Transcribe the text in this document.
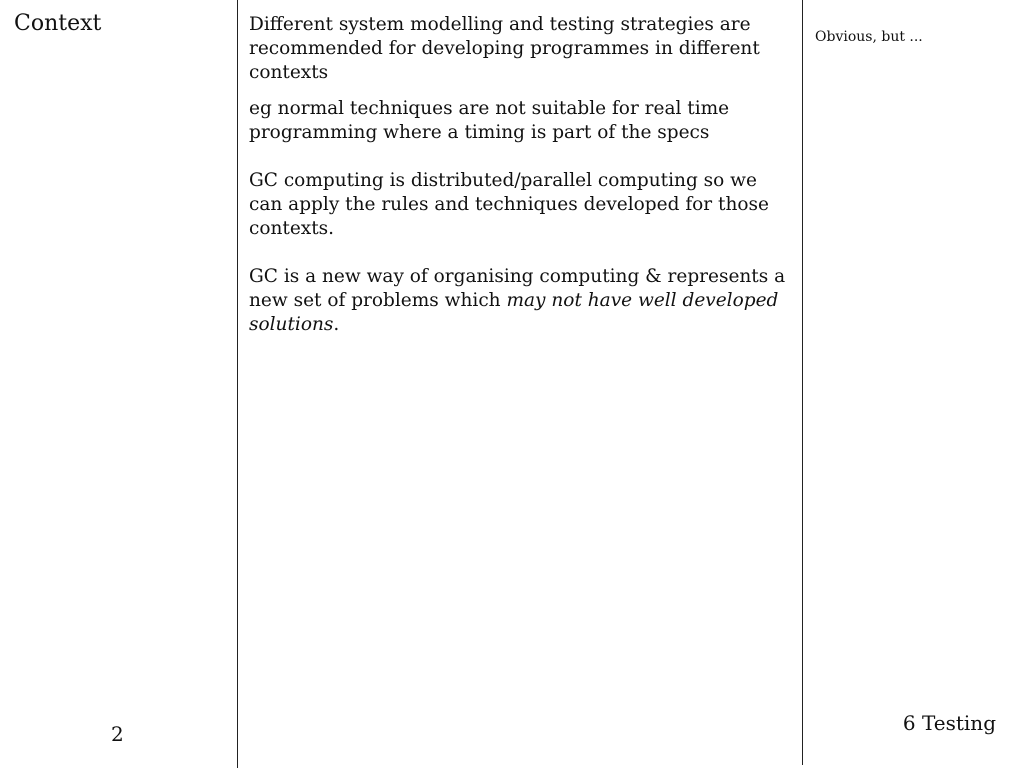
Context	Different system modelling and testing strategies are recommended for developing programmes in different contexts

eg normal techniques are not suitable for real time programming where a timing is part of the specs

GC computing is distributed/parallel computing so we can apply the rules and techniques developed for those contexts.

GC is a new way of organising computing & represents a new set of problems which may not have well developed solutions.

Obvious, but ...
2	6 Testing
